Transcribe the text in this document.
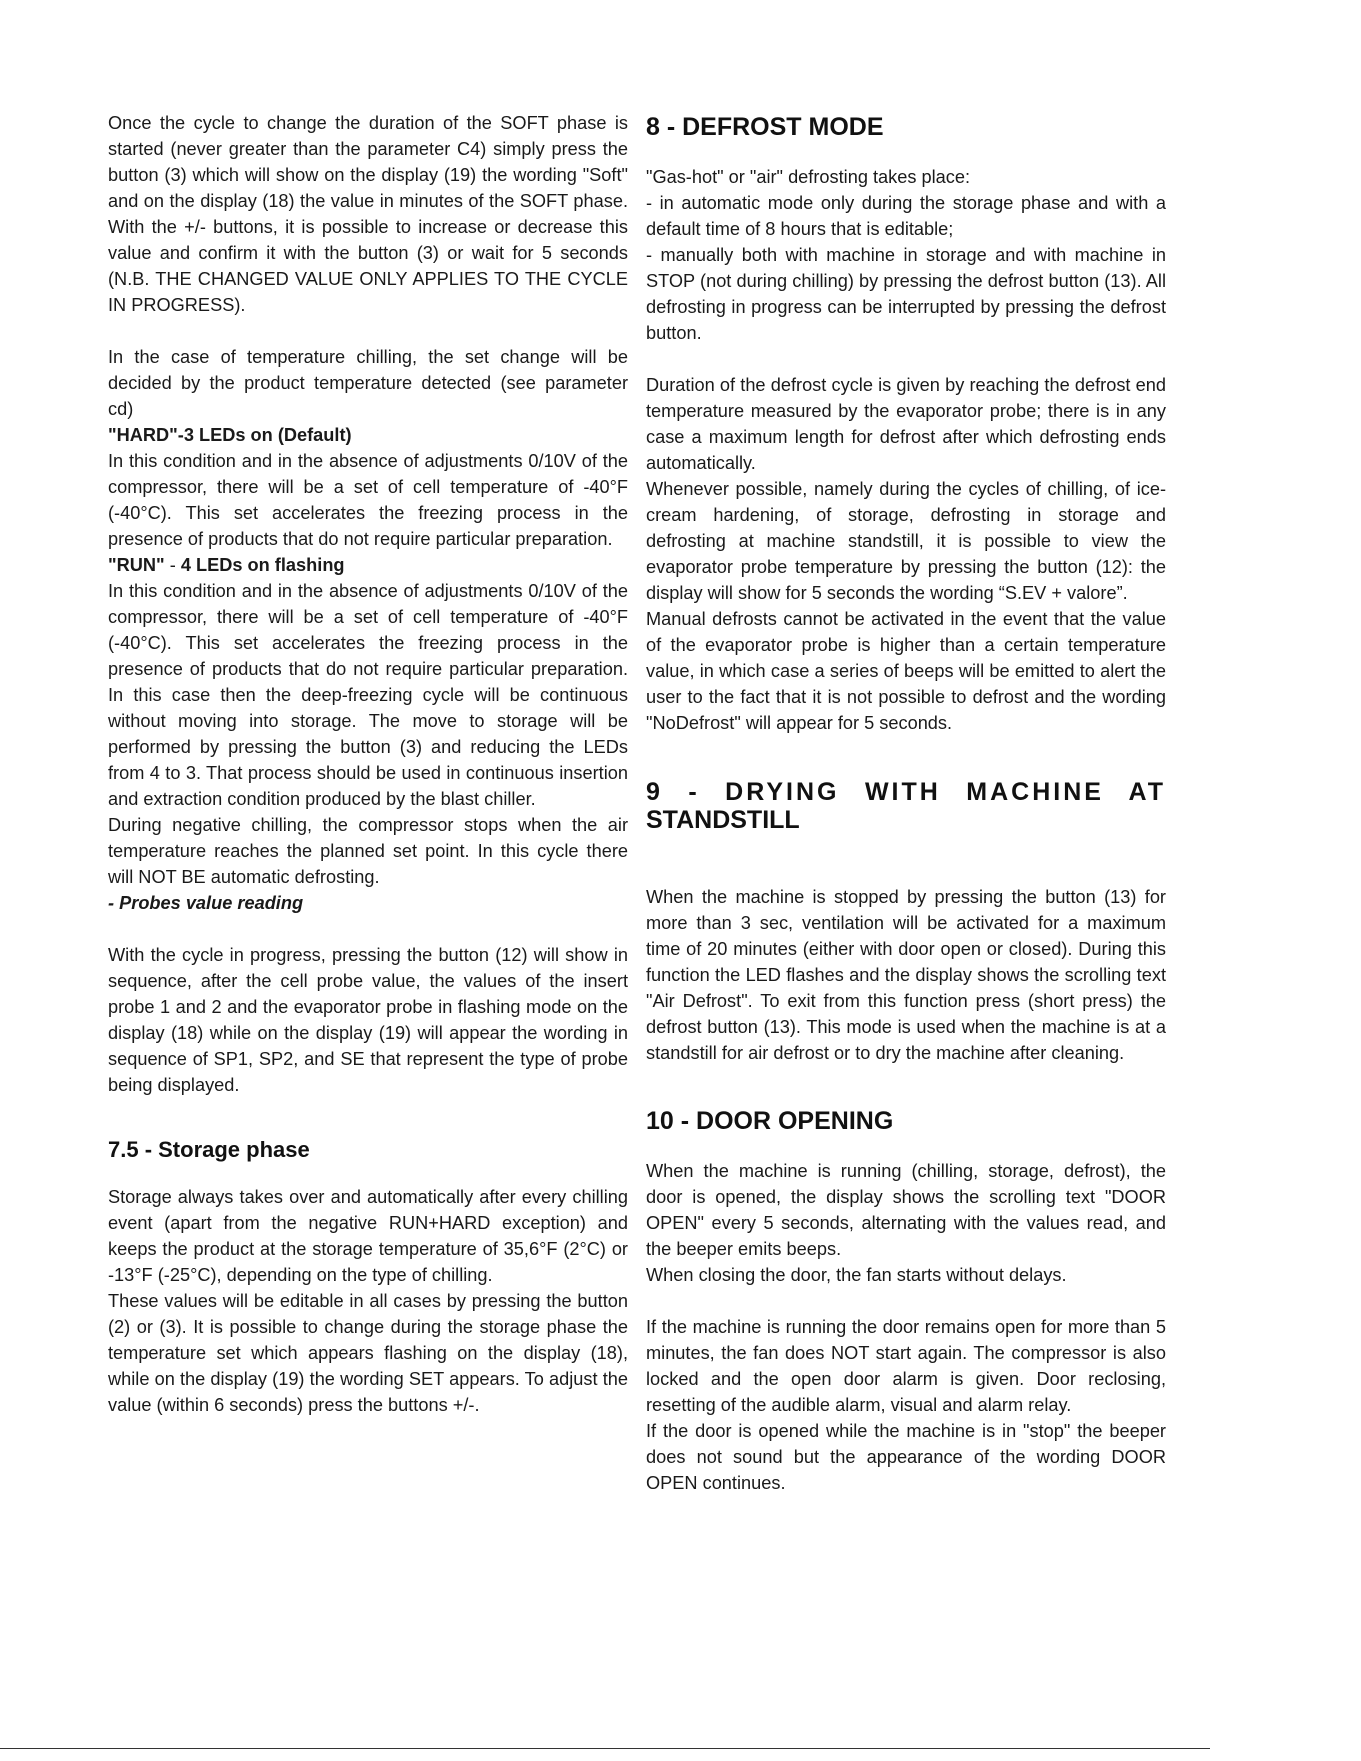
Once the cycle to change the duration of the SOFT phase is started (never greater than the parameter C4) simply press the button (3) which will show on the display (19) the wording "Soft" and on the display (18) the value in minutes of the SOFT phase. With the +/- buttons, it is possible to increase or decrease this value and confirm it with the button (3) or wait for 5 seconds (N.B. THE CHANGED VALUE ONLY APPLIES TO THE CYCLE IN PROGRESS).

In the case of temperature chilling, the set change will be decided by the product temperature detected (see parameter cd)

"HARD"-3 LEDs on (Default)

In this condition and in the absence of adjustments 0/10V of the compressor, there will be a set of cell temperature of -40°F (-40°C). This set accelerates the freezing process in the presence of products that do not require particular preparation.

"RUN" - 4 LEDs on flashing

In this condition and in the absence of adjustments 0/10V of the compressor, there will be a set of cell temperature of -40°F (-40°C). This set accelerates the freezing process in the presence of products that do not require particular preparation. In this case then the deep-freezing cycle will be continuous without moving into storage. The move to storage will be performed by pressing the button (3) and reducing the LEDs from 4 to 3. That process should be used in continuous insertion and extraction condition produced by the blast chiller.

During negative chilling, the compressor stops when the air temperature reaches the planned set point. In this cycle there will NOT BE automatic defrosting.

- Probes value reading

With the cycle in progress, pressing the button (12) will show in sequence, after the cell probe value, the values of the insert probe 1 and 2 and the evaporator probe in flashing mode on the display (18) while on the display (19) will appear the wording in sequence of SP1, SP2, and SE that represent the type of probe being displayed.

7.5 - Storage phase

Storage always takes over and automatically after every chilling event (apart from the negative RUN+HARD exception) and keeps the product at the storage temperature of 35,6°F (2°C) or -13°F (-25°C), depending on the type of chilling.

These values will be editable in all cases by pressing the button (2) or (3). It is possible to change during the storage phase the temperature set which appears flashing on the display (18), while on the display (19) the wording SET appears. To adjust the value (within 6 seconds) press the buttons +/-.

8 - DEFROST MODE

"Gas-hot" or "air" defrosting takes place:

- in automatic mode only during the storage phase and with a default time of 8 hours that is editable;

- manually both with machine in storage and with machine in STOP (not during chilling) by pressing the defrost button (13). All defrosting in progress can be interrupted by pressing the defrost button.

Duration of the defrost cycle is given by reaching the defrost end temperature measured by the evaporator probe; there is in any case a maximum length for defrost after which defrosting ends automatically.

Whenever possible, namely during the cycles of chilling, of ice-cream hardening, of storage, defrosting in storage and defrosting at machine standstill, it is possible to view the evaporator probe temperature by pressing the button (12): the display will show for 5 seconds the wording “S.EV + valore”.

Manual defrosts cannot be activated in the event that the value of the evaporator probe is higher than a certain temperature value, in which case a series of beeps will be emitted to alert the user to the fact that it is not possible to defrost and the wording "NoDefrost" will appear for 5 seconds.

9 - DRYING WITH MACHINE AT
STANDSTILL

When the machine is stopped by pressing the button (13) for more than 3 sec, ventilation will be activated for a maximum time of 20 minutes (either with door open or closed). During this function the LED flashes and the display shows the scrolling text "Air Defrost". To exit from this function press (short press) the defrost button (13). This mode is used when the machine is at a standstill for air defrost or to dry the machine after cleaning.

10 - DOOR OPENING

When the machine is running (chilling, storage, defrost), the door is opened, the display shows the scrolling text "DOOR OPEN" every 5 seconds, alternating with the values read, and the beeper emits beeps.

When closing the door, the fan starts without delays.

If the machine is running the door remains open for more than 5 minutes, the fan does NOT start again. The compressor is also locked and the open door alarm is given. Door reclosing, resetting of the audible alarm, visual and alarm relay.

If the door is opened while the machine is in "stop" the beeper does not sound but the appearance of the wording DOOR OPEN continues.
